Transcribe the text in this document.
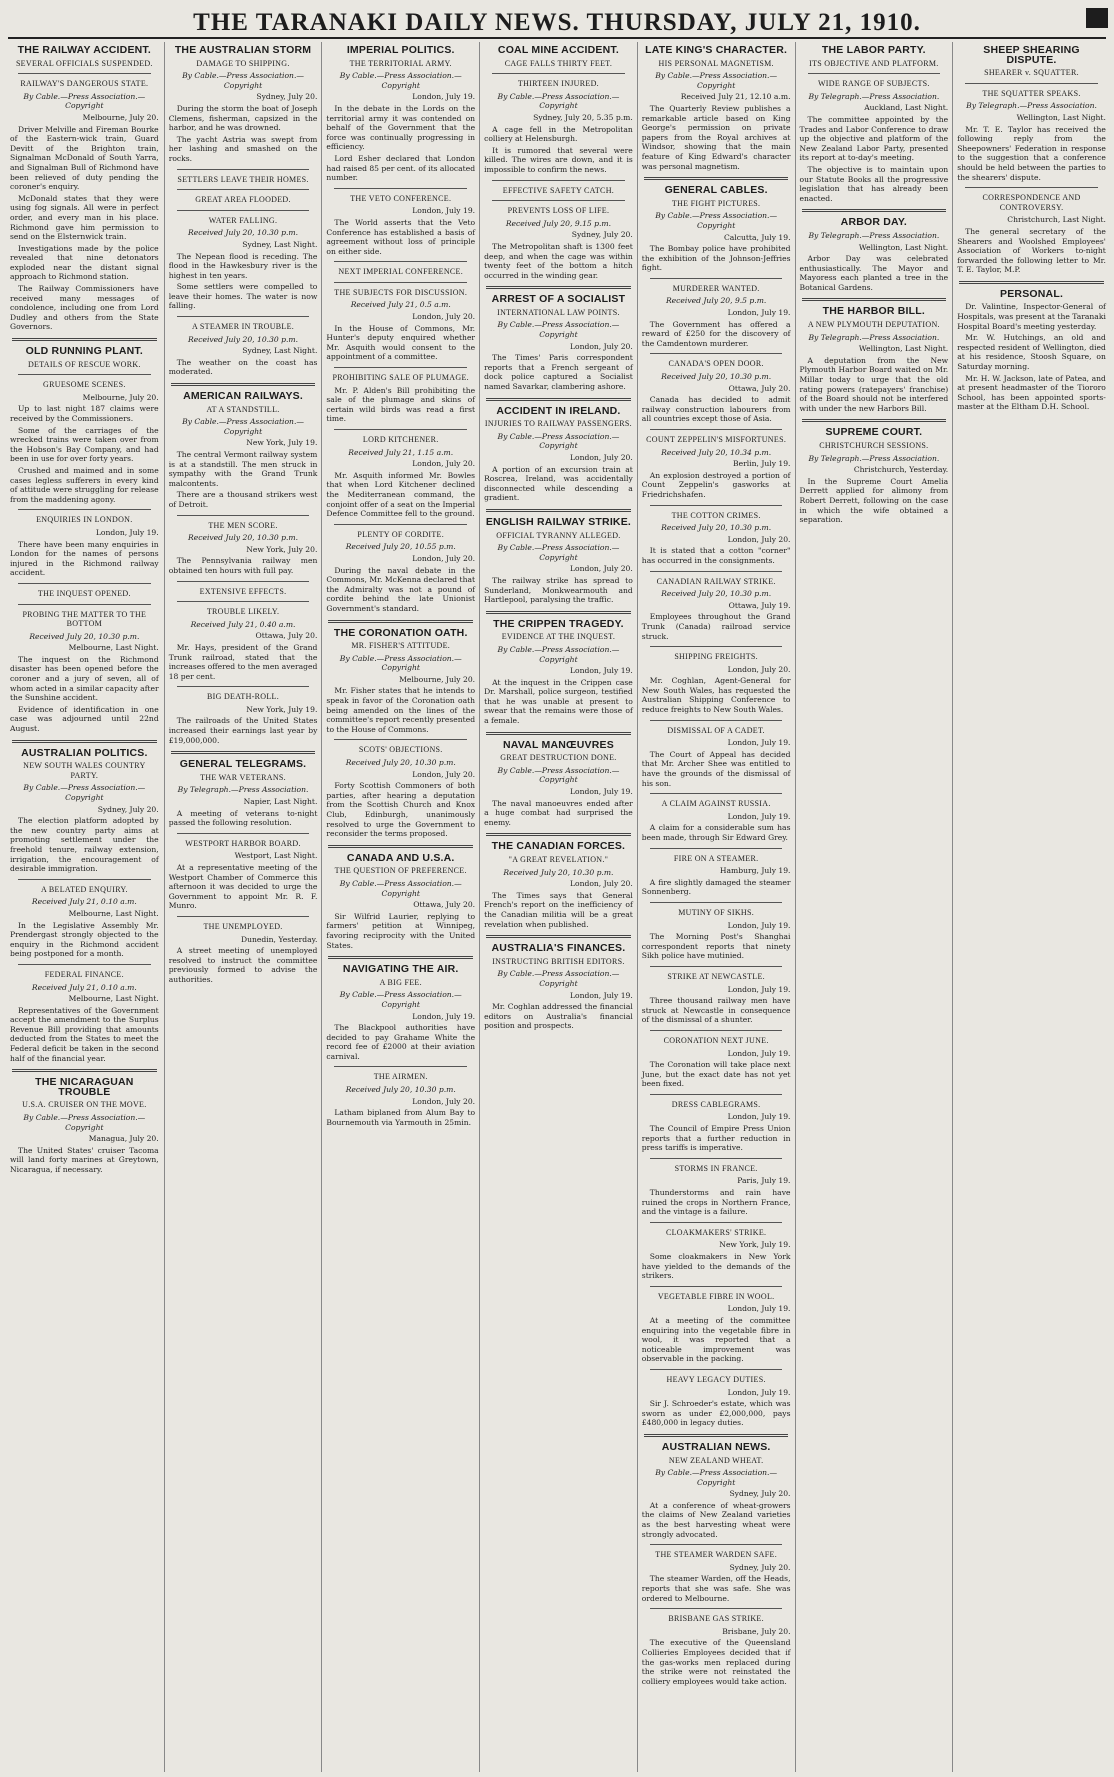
THE TARANAKI DAILY NEWS. THURSDAY, JULY 21, 1910.
THE RAILWAY ACCIDENT.
SEVERAL OFFICIALS SUSPENDED.
RAILWAY'S DANGEROUS STATE.
By Cable.—Press Association.—Copyright
Melbourne, July 20.

Driver Melville and Fireman Bourke of the Eastern-wick train, Guard Devitt of the Brighton train, Signalman McDonald of South Yarra, and Signalman Bull of Richmond have been relieved of duty pending the coroner's enquiry.

McDonald states that they were using fog signals. All were in perfect order, and every man in his place. Richmond gave him permission to send on the Elsternwick train.

Investigations made by the police revealed that nine detonators exploded near the distant signal approach to Richmond station.

The Railway Commissioners have received many messages of condolence, including one from Lord Dudley and others from the State Governors.

OLD RUNNING PLANT.
DETAILS OF RESCUE WORK.
GRUESOME SCENES.
Melbourne, July 20.

Up to last night 187 claims were received by the Commissioners.

Some of the carriages of the wrecked trains were taken over from the Hobson's Bay Company, and had been in use for over forty years.

Crushed and maimed and in some cases legless sufferers in every kind of attitude were struggling for release from the maddening agony.

ENQUIRIES IN LONDON.
London, July 19.

There have been many enquiries in London for the names of persons injured in the Richmond railway accident.

THE INQUEST OPENED.
PROBING THE MATTER TO THE BOTTOM
Received July 20, 10.30 p.m.
Melbourne, Last Night.

The inquest on the Richmond disaster has been opened before the coroner and a jury of seven, all of whom acted in a similar capacity after the Sunshine accident.

Evidence of identification in one case was adjourned until 22nd August.

AUSTRALIAN POLITICS.
NEW SOUTH WALES COUNTRY PARTY.
By Cable.—Press Association.—Copyright
Sydney, July 20.

The election platform adopted by the new country party aims at promoting settlement under the freehold tenure, railway extension, irrigation, the encouragement of desirable immigration.

A BELATED ENQUIRY.
Received July 21, 0.10 a.m.
Melbourne, Last Night.

In the Legislative Assembly Mr. Prendergast strongly objected to the enquiry in the Richmond accident being postponed for a month.

FEDERAL FINANCE.
Received July 21, 0.10 a.m.
Melbourne, Last Night.

Representatives of the Government accept the amendment to the Surplus Revenue Bill providing that amounts deducted from the States to meet the Federal deficit be taken in the second half of the financial year.

THE NICARAGUAN TROUBLE
U.S.A. CRUISER ON THE MOVE.
By Cable.—Press Association.—Copyright
Managua, July 20.

The United States' cruiser Tacoma will land forty marines at Greytown, Nicaragua, if necessary.

THE AUSTRALIAN STORM
DAMAGE TO SHIPPING.
By Cable.—Press Association.—Copyright
Sydney, July 20.

During the storm the boat of Joseph Clemens, fisherman, capsized in the harbor, and he was drowned.

The yacht Astria was swept from her lashing and smashed on the rocks.

SETTLERS LEAVE THEIR HOMES.
GREAT AREA FLOODED.
WATER FALLING.
Received July 20, 10.30 p.m.
Sydney, Last Night.

The Nepean flood is receding. The flood in the Hawkesbury river is the highest in ten years.

Some settlers were compelled to leave their homes. The water is now falling.

A STEAMER IN TROUBLE.
Received July 20, 10.30 p.m.
Sydney, Last Night.

The weather on the coast has moderated.

AMERICAN RAILWAYS.
AT A STANDSTILL.
By Cable.—Press Association.—Copyright
New York, July 19.

The central Vermont railway system is at a standstill. The men struck in sympathy with the Grand Trunk malcontents.

There are a thousand strikers west of Detroit.

THE MEN SCORE.
Received July 20, 10.30 p.m.
New York, July 20.

The Pennsylvania railway men obtained ten hours with full pay.

EXTENSIVE EFFECTS.
TROUBLE LIKELY.
Received July 21, 0.40 a.m.
Ottawa, July 20.

Mr. Hays, president of the Grand Trunk railroad, stated that the increases offered to the men averaged 18 per cent.

BIG DEATH-ROLL.
New York, July 19.

The railroads of the United States increased their earnings last year by £19,000,000.

GENERAL TELEGRAMS.
THE WAR VETERANS.
By Telegraph.—Press Association.
Napier, Last Night.

A meeting of veterans to-night passed the following resolution.

WESTPORT HARBOR BOARD.
Westport, Last Night.

At a representative meeting of the Westport Chamber of Commerce this afternoon it was decided to urge the Government to appoint Mr. R. F. Munro.

THE UNEMPLOYED.
Dunedin, Yesterday.

A street meeting of unemployed resolved to instruct the committee previously formed to advise the authorities.

IMPERIAL POLITICS.
THE TERRITORIAL ARMY.
By Cable.—Press Association.—Copyright
London, July 19.

In the debate in the Lords on the territorial army it was contended on behalf of the Government that the force was continually progressing in efficiency.

Lord Esher declared that London had raised 85 per cent. of its allocated number.

THE VETO CONFERENCE.
London, July 19.

The World asserts that the Veto Conference has established a basis of agreement without loss of principle on either side.

NEXT IMPERIAL CONFERENCE.
THE SUBJECTS FOR DISCUSSION.
Received July 21, 0.5 a.m.
London, July 20.

In the House of Commons, Mr. Hunter's deputy enquired whether Mr. Asquith would consent to the appointment of a committee.

PROHIBITING SALE OF PLUMAGE.

Mr. P. Alden's Bill prohibiting the sale of the plumage and skins of certain wild birds was read a first time.

LORD KITCHENER.
Received July 21, 1.15 a.m.
London, July 20.

Mr. Asquith informed Mr. Bowles that when Lord Kitchener declined the Mediterranean command, the conjoint offer of a seat on the Imperial Defence Committee fell to the ground.

PLENTY OF CORDITE.
Received July 20, 10.55 p.m.
London, July 20.

During the naval debate in the Commons, Mr. McKenna declared that the Admiralty was not a pound of cordite behind the late Unionist Government's standard.

THE CORONATION OATH.
MR. FISHER'S ATTITUDE.
By Cable.—Press Association.—Copyright
Melbourne, July 20.

Mr. Fisher states that he intends to speak in favor of the Coronation oath being amended on the lines of the committee's report recently presented to the House of Commons.

SCOTS' OBJECTIONS.
Received July 20, 10.30 p.m.
London, July 20.

Forty Scottish Commoners of both parties, after hearing a deputation from the Scottish Church and Knox Club, Edinburgh, unanimously resolved to urge the Government to reconsider the terms proposed.

CANADA AND U.S.A.
THE QUESTION OF PREFERENCE.
By Cable.—Press Association.—Copyright
Ottawa, July 20.

Sir Wilfrid Laurier, replying to farmers' petition at Winnipeg, favoring reciprocity with the United States.

NAVIGATING THE AIR.
A BIG FEE.
By Cable.—Press Association.—Copyright
London, July 19.

The Blackpool authorities have decided to pay Grahame White the record fee of £2000 at their aviation carnival.

THE AIRMEN.
Received July 20, 10.30 p.m.
London, July 20.

Latham biplaned from Alum Bay to Bournemouth via Yarmouth in 25min.

COAL MINE ACCIDENT.
CAGE FALLS THIRTY FEET.
THIRTEEN INJURED.
By Cable.—Press Association.—Copyright
Sydney, July 20, 5.35 p.m.

A cage fell in the Metropolitan colliery at Helensburgh.

It is rumored that several were killed. The wires are down, and it is impossible to confirm the news.

EFFECTIVE SAFETY CATCH.
PREVENTS LOSS OF LIFE.
Received July 20, 9.15 p.m.
Sydney, July 20.

The Metropolitan shaft is 1300 feet deep, and when the cage was within twenty feet of the bottom a hitch occurred in the winding gear.

ARREST OF A SOCIALIST
INTERNATIONAL LAW POINTS.
By Cable.—Press Association.—Copyright
London, July 20.

The Times' Paris correspondent reports that a French sergeant of dock police captured a Socialist named Savarkar, clambering ashore.

ACCIDENT IN IRELAND.
INJURIES TO RAILWAY PASSENGERS.
By Cable.—Press Association.—Copyright
London, July 20.

A portion of an excursion train at Roscrea, Ireland, was accidentally disconnected while descending a gradient.

ENGLISH RAILWAY STRIKE.
OFFICIAL TYRANNY ALLEGED.
By Cable.—Press Association.—Copyright
London, July 20.

The railway strike has spread to Sunderland, Monkwearmouth and Hartlepool, paralysing the traffic.

THE CRIPPEN TRAGEDY.
EVIDENCE AT THE INQUEST.
By Cable.—Press Association.—Copyright
London, July 19.

At the inquest in the Crippen case Dr. Marshall, police surgeon, testified that he was unable at present to swear that the remains were those of a female.

NAVAL MANŒUVRES
GREAT DESTRUCTION DONE.
By Cable.—Press Association.—Copyright
London, July 19.

The naval manoeuvres ended after a huge combat had surprised the enemy.

THE CANADIAN FORCES.
"A GREAT REVELATION."
Received July 20, 10.30 p.m.
London, July 20.

The Times says that General French's report on the inefficiency of the Canadian militia will be a great revelation when published.

AUSTRALIA'S FINANCES.
INSTRUCTING BRITISH EDITORS.
By Cable.—Press Association.—Copyright
London, July 19.

Mr. Coghlan addressed the financial editors on Australia's financial position and prospects.

LATE KING'S CHARACTER.
HIS PERSONAL MAGNETISM.
By Cable.—Press Association.—Copyright
Received July 21, 12.10 a.m.

The Quarterly Review publishes a remarkable article based on King George's permission on private papers from the Royal archives at Windsor, showing that the main feature of King Edward's character was personal magnetism.

GENERAL CABLES.
THE FIGHT PICTURES.
By Cable.—Press Association.—Copyright
Calcutta, July 19.

The Bombay police have prohibited the exhibition of the Johnson-Jeffries fight.

MURDERER WANTED.
Received July 20, 9.5 p.m.
London, July 19.

The Government has offered a reward of £250 for the discovery of the Camdentown murderer.

CANADA'S OPEN DOOR.
Received July 20, 10.30 p.m.
Ottawa, July 20.

Canada has decided to admit railway construction labourers from all countries except those of Asia.

COUNT ZEPPELIN'S MISFORTUNES.
Received July 20, 10.34 p.m.
Berlin, July 19.

An explosion destroyed a portion of Count Zeppelin's gasworks at Friedrichshafen.

THE COTTON CRIMES.
Received July 20, 10.30 p.m.
London, July 20.

It is stated that a cotton "corner" has occurred in the consignments.

CANADIAN RAILWAY STRIKE.
Received July 20, 10.30 p.m.
Ottawa, July 19.

Employees throughout the Grand Trunk (Canada) railroad service struck.

SHIPPING FREIGHTS.
London, July 20.

Mr. Coghlan, Agent-General for New South Wales, has requested the Australian Shipping Conference to reduce freights to New South Wales.

DISMISSAL OF A CADET.
London, July 19.

The Court of Appeal has decided that Mr. Archer Shee was entitled to have the grounds of the dismissal of his son.

A CLAIM AGAINST RUSSIA.
London, July 19.

A claim for a considerable sum has been made, through Sir Edward Grey.

FIRE ON A STEAMER.
Hamburg, July 19.

A fire slightly damaged the steamer Sonnenberg.

MUTINY OF SIKHS.
London, July 19.

The Morning Post's Shanghai correspondent reports that ninety Sikh police have mutinied.

STRIKE AT NEWCASTLE.
London, July 19.

Three thousand railway men have struck at Newcastle in consequence of the dismissal of a shunter.

CORONATION NEXT JUNE.
London, July 19.

The Coronation will take place next June, but the exact date has not yet been fixed.

DRESS CABLEGRAMS.
London, July 19.

The Council of Empire Press Union reports that a further reduction in press tariffs is imperative.

STORMS IN FRANCE.
Paris, July 19.

Thunderstorms and rain have ruined the crops in Northern France, and the vintage is a failure.

CLOAKMAKERS' STRIKE.
New York, July 19.

Some cloakmakers in New York have yielded to the demands of the strikers.

VEGETABLE FIBRE IN WOOL.
London, July 19.

At a meeting of the committee enquiring into the vegetable fibre in wool, it was reported that a noticeable improvement was observable in the packing.

HEAVY LEGACY DUTIES.
London, July 19.

Sir J. Schroeder's estate, which was sworn as under £2,000,000, pays £480,000 in legacy duties.

AUSTRALIAN NEWS.
NEW ZEALAND WHEAT.
By Cable.—Press Association.—Copyright
Sydney, July 20.

At a conference of wheat-growers the claims of New Zealand varieties as the best harvesting wheat were strongly advocated.

THE STEAMER WARDEN SAFE.
Sydney, July 20.

The steamer Warden, off the Heads, reports that she was safe. She was ordered to Melbourne.

BRISBANE GAS STRIKE.
Brisbane, July 20.

The executive of the Queensland Collieries Employees decided that if the gas-works men replaced during the strike were not reinstated the colliery employees would take action.

THE LABOR PARTY.
ITS OBJECTIVE AND PLATFORM.
WIDE RANGE OF SUBJECTS.
By Telegraph.—Press Association.
Auckland, Last Night.

The committee appointed by the Trades and Labor Conference to draw up the objective and platform of the New Zealand Labor Party, presented its report at to-day's meeting.

The objective is to maintain upon our Statute Books all the progressive legislation that has already been enacted.

ARBOR DAY.
By Telegraph.—Press Association.
Wellington, Last Night.

Arbor Day was celebrated enthusiastically. The Mayor and Mayoress each planted a tree in the Botanical Gardens.

THE HARBOR BILL.
A NEW PLYMOUTH DEPUTATION.
By Telegraph.—Press Association.
Wellington, Last Night.

A deputation from the New Plymouth Harbor Board waited on Mr. Millar today to urge that the old rating powers (ratepayers' franchise) of the Board should not be interfered with under the new Harbors Bill.

SUPREME COURT.
CHRISTCHURCH SESSIONS.
By Telegraph.—Press Association.
Christchurch, Yesterday.

In the Supreme Court Amelia Derrett applied for alimony from Robert Derrett, following on the case in which the wife obtained a separation.

SHEEP SHEARING DISPUTE.
SHEARER v. SQUATTER.
THE SQUATTER SPEAKS.
By Telegraph.—Press Association.
Wellington, Last Night.

Mr. T. E. Taylor has received the following reply from the Sheepowners' Federation in response to the suggestion that a conference should be held between the parties to the shearers' dispute.

CORRESPONDENCE AND CONTROVERSY.
Christchurch, Last Night.

The general secretary of the Shearers and Woolshed Employees' Association of Workers to-night forwarded the following letter to Mr. T. E. Taylor, M.P.

PERSONAL.

Dr. Valintine, Inspector-General of Hospitals, was present at the Taranaki Hospital Board's meeting yesterday.

Mr. W. Hutchings, an old and respected resident of Wellington, died at his residence, Stoosh Square, on Saturday morning.

Mr. H. W. Jackson, late of Patea, and at present headmaster of the Tiororo School, has been appointed sports-master at the Eltham D.H. School.
